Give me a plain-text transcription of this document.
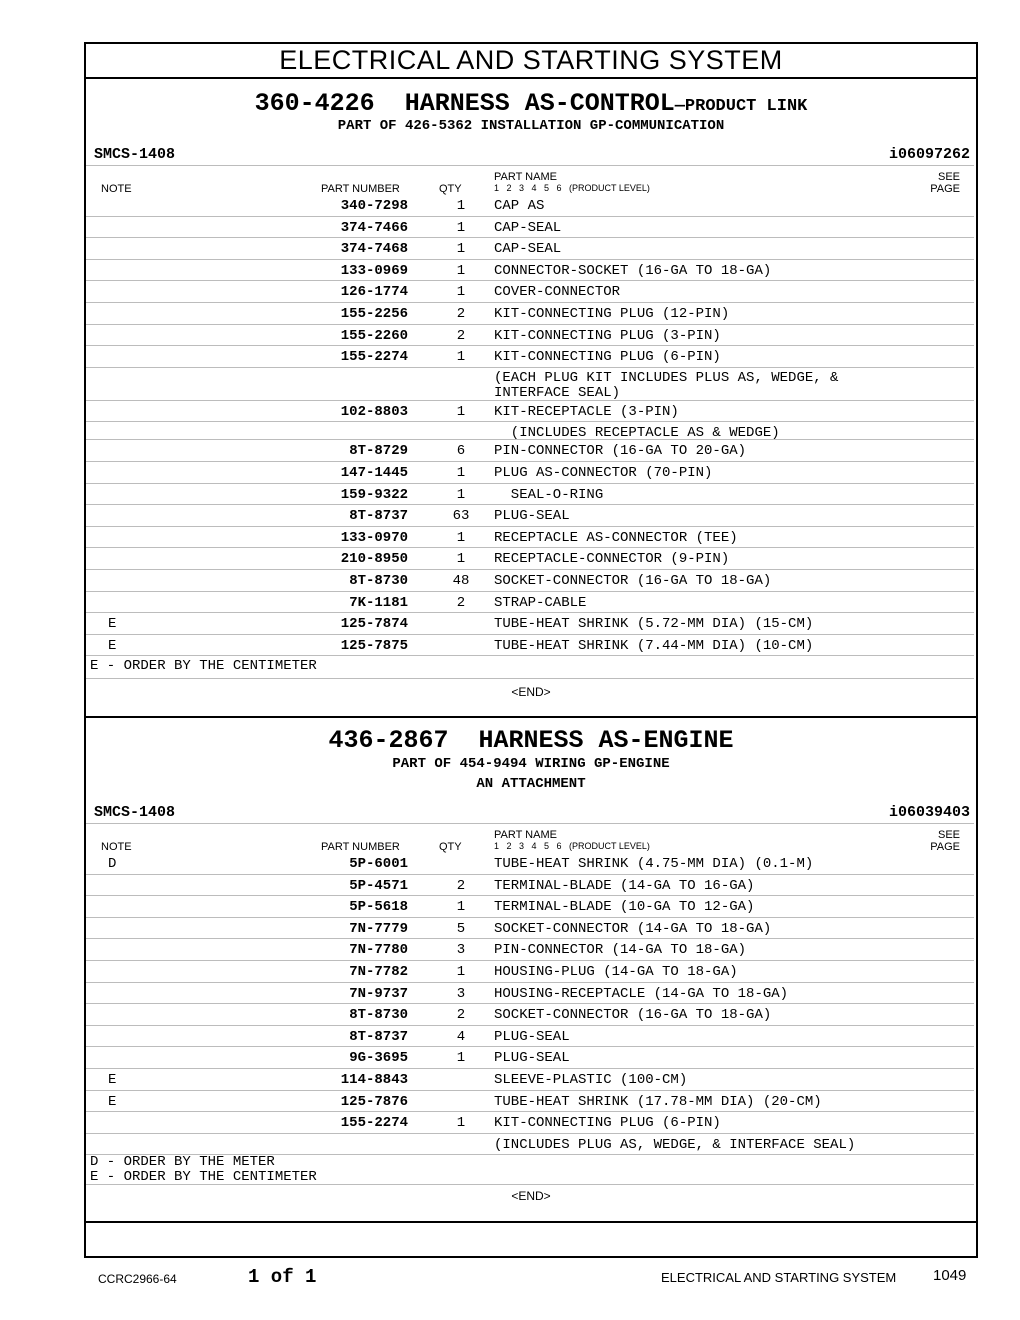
ELECTRICAL AND STARTING SYSTEM
360-4226 HARNESS AS-CONTROL—PRODUCT LINK
PART OF 426-5362 INSTALLATION GP-COMMUNICATION
SMCS-1408	i06097262
NOTE	PART NUMBER	QTY
PART NAME
1   2   3   4   5   6   (PRODUCT LEVEL)
SEE
PAGE
340-7298	1	CAP AS
374-7466	1	CAP-SEAL
374-7468	1	CAP-SEAL
133-0969	1	CONNECTOR-SOCKET (16-GA TO 18-GA)
126-1774	1	COVER-CONNECTOR
155-2256	2	KIT-CONNECTING PLUG (12-PIN)
155-2260	2	KIT-CONNECTING PLUG (3-PIN)
155-2274	1	KIT-CONNECTING PLUG (6-PIN)
(EACH PLUG KIT INCLUDES PLUS AS, WEDGE, &
INTERFACE SEAL)
102-8803	1	KIT-RECEPTACLE (3-PIN)
(INCLUDES RECEPTACLE AS & WEDGE)
8T-8729	6	PIN-CONNECTOR (16-GA TO 20-GA)
147-1445	1	PLUG AS-CONNECTOR (70-PIN)
159-9322	1	SEAL-O-RING
8T-8737	63	PLUG-SEAL
133-0970	1	RECEPTACLE AS-CONNECTOR (TEE)
210-8950	1	RECEPTACLE-CONNECTOR (9-PIN)
8T-8730	48	SOCKET-CONNECTOR (16-GA TO 18-GA)
7K-1181	2	STRAP-CABLE
E	125-7874	TUBE-HEAT SHRINK (5.72-MM DIA) (15-CM)
E	125-7875	TUBE-HEAT SHRINK (7.44-MM DIA) (10-CM)
E - ORDER BY THE CENTIMETER
<END>
436-2867 HARNESS AS-ENGINE
PART OF 454-9494 WIRING GP-ENGINE
AN ATTACHMENT
SMCS-1408	i06039403
NOTE	PART NUMBER	QTY
PART NAME
1   2   3   4   5   6   (PRODUCT LEVEL)
SEE
PAGE
D	5P-6001	TUBE-HEAT SHRINK (4.75-MM DIA) (0.1-M)
5P-4571	2	TERMINAL-BLADE (14-GA TO 16-GA)
5P-5618	1	TERMINAL-BLADE (10-GA TO 12-GA)
7N-7779	5	SOCKET-CONNECTOR (14-GA TO 18-GA)
7N-7780	3	PIN-CONNECTOR (14-GA TO 18-GA)
7N-7782	1	HOUSING-PLUG (14-GA TO 18-GA)
7N-9737	3	HOUSING-RECEPTACLE (14-GA TO 18-GA)
8T-8730	2	SOCKET-CONNECTOR (16-GA TO 18-GA)
8T-8737	4	PLUG-SEAL
9G-3695	1	PLUG-SEAL
E	114-8843	SLEEVE-PLASTIC (100-CM)
E	125-7876	TUBE-HEAT SHRINK (17.78-MM DIA) (20-CM)
155-2274	1	KIT-CONNECTING PLUG (6-PIN)
(INCLUDES PLUG AS, WEDGE, & INTERFACE SEAL)
D - ORDER BY THE METER
E - ORDER BY THE CENTIMETER
<END>
CCRC2966-64	1 of 1	ELECTRICAL AND STARTING SYSTEM 1049
